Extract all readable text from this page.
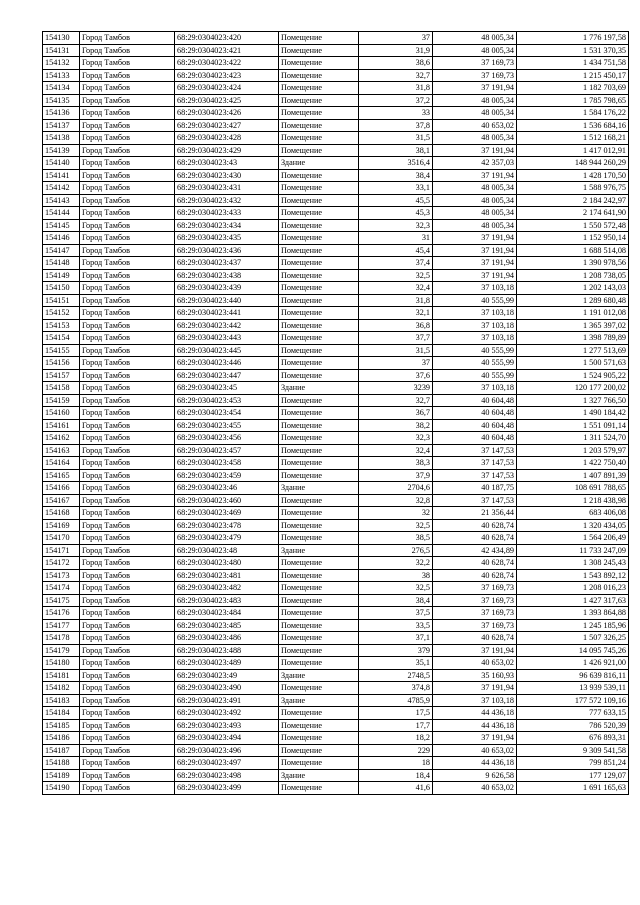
154130	Город Тамбов	68:29:0304023:420	Помещение	37	48 005,34	1 776 197,58
154131	Город Тамбов	68:29:0304023:421	Помещение	31,9	48 005,34	1 531 370,35
154132	Город Тамбов	68:29:0304023:422	Помещение	38,6	37 169,73	1 434 751,58
154133	Город Тамбов	68:29:0304023:423	Помещение	32,7	37 169,73	1 215 450,17
154134	Город Тамбов	68:29:0304023:424	Помещение	31,8	37 191,94	1 182 703,69
154135	Город Тамбов	68:29:0304023:425	Помещение	37,2	48 005,34	1 785 798,65
154136	Город Тамбов	68:29:0304023:426	Помещение	33	48 005,34	1 584 176,22
154137	Город Тамбов	68:29:0304023:427	Помещение	37,8	40 653,02	1 536 684,16
154138	Город Тамбов	68:29:0304023:428	Помещение	31,5	48 005,34	1 512 168,21
154139	Город Тамбов	68:29:0304023:429	Помещение	38,1	37 191,94	1 417 012,91
154140	Город Тамбов	68:29:0304023:43	Здание	3516,4	42 357,03	148 944 260,29
154141	Город Тамбов	68:29:0304023:430	Помещение	38,4	37 191,94	1 428 170,50
154142	Город Тамбов	68:29:0304023:431	Помещение	33,1	48 005,34	1 588 976,75
154143	Город Тамбов	68:29:0304023:432	Помещение	45,5	48 005,34	2 184 242,97
154144	Город Тамбов	68:29:0304023:433	Помещение	45,3	48 005,34	2 174 641,90
154145	Город Тамбов	68:29:0304023:434	Помещение	32,3	48 005,34	1 550 572,48
154146	Город Тамбов	68:29:0304023:435	Помещение	31	37 191,94	1 152 950,14
154147	Город Тамбов	68:29:0304023:436	Помещение	45,4	37 191,94	1 688 514,08
154148	Город Тамбов	68:29:0304023:437	Помещение	37,4	37 191,94	1 390 978,56
154149	Город Тамбов	68:29:0304023:438	Помещение	32,5	37 191,94	1 208 738,05
154150	Город Тамбов	68:29:0304023:439	Помещение	32,4	37 103,18	1 202 143,03
154151	Город Тамбов	68:29:0304023:440	Помещение	31,8	40 555,99	1 289 680,48
154152	Город Тамбов	68:29:0304023:441	Помещение	32,1	37 103,18	1 191 012,08
154153	Город Тамбов	68:29:0304023:442	Помещение	36,8	37 103,18	1 365 397,02
154154	Город Тамбов	68:29:0304023:443	Помещение	37,7	37 103,18	1 398 789,89
154155	Город Тамбов	68:29:0304023:445	Помещение	31,5	40 555,99	1 277 513,69
154156	Город Тамбов	68:29:0304023:446	Помещение	37	40 555,99	1 500 571,63
154157	Город Тамбов	68:29:0304023:447	Помещение	37,6	40 555,99	1 524 905,22
154158	Город Тамбов	68:29:0304023:45	Здание	3239	37 103,18	120 177 200,02
154159	Город Тамбов	68:29:0304023:453	Помещение	32,7	40 604,48	1 327 766,50
154160	Город Тамбов	68:29:0304023:454	Помещение	36,7	40 604,48	1 490 184,42
154161	Город Тамбов	68:29:0304023:455	Помещение	38,2	40 604,48	1 551 091,14
154162	Город Тамбов	68:29:0304023:456	Помещение	32,3	40 604,48	1 311 524,70
154163	Город Тамбов	68:29:0304023:457	Помещение	32,4	37 147,53	1 203 579,97
154164	Город Тамбов	68:29:0304023:458	Помещение	38,3	37 147,53	1 422 750,40
154165	Город Тамбов	68:29:0304023:459	Помещение	37,9	37 147,53	1 407 891,39
154166	Город Тамбов	68:29:0304023:46	Здание	2704,6	40 187,75	108 691 788,65
154167	Город Тамбов	68:29:0304023:460	Помещение	32,8	37 147,53	1 218 438,98
154168	Город Тамбов	68:29:0304023:469	Помещение	32	21 356,44	683 406,08
154169	Город Тамбов	68:29:0304023:478	Помещение	32,5	40 628,74	1 320 434,05
154170	Город Тамбов	68:29:0304023:479	Помещение	38,5	40 628,74	1 564 206,49
154171	Город Тамбов	68:29:0304023:48	Здание	276,5	42 434,89	11 733 247,09
154172	Город Тамбов	68:29:0304023:480	Помещение	32,2	40 628,74	1 308 245,43
154173	Город Тамбов	68:29:0304023:481	Помещение	38	40 628,74	1 543 892,12
154174	Город Тамбов	68:29:0304023:482	Помещение	32,5	37 169,73	1 208 016,23
154175	Город Тамбов	68:29:0304023:483	Помещение	38,4	37 169,73	1 427 317,63
154176	Город Тамбов	68:29:0304023:484	Помещение	37,5	37 169,73	1 393 864,88
154177	Город Тамбов	68:29:0304023:485	Помещение	33,5	37 169,73	1 245 185,96
154178	Город Тамбов	68:29:0304023:486	Помещение	37,1	40 628,74	1 507 326,25
154179	Город Тамбов	68:29:0304023:488	Помещение	379	37 191,94	14 095 745,26
154180	Город Тамбов	68:29:0304023:489	Помещение	35,1	40 653,02	1 426 921,00
154181	Город Тамбов	68:29:0304023:49	Здание	2748,5	35 160,93	96 639 816,11
154182	Город Тамбов	68:29:0304023:490	Помещение	374,8	37 191,94	13 939 539,11
154183	Город Тамбов	68:29:0304023:491	Здание	4785,9	37 103,18	177 572 109,16
154184	Город Тамбов	68:29:0304023:492	Помещение	17,5	44 436,18	777 633,15
154185	Город Тамбов	68:29:0304023:493	Помещение	17,7	44 436,18	786 520,39
154186	Город Тамбов	68:29:0304023:494	Помещение	18,2	37 191,94	676 893,31
154187	Город Тамбов	68:29:0304023:496	Помещение	229	40 653,02	9 309 541,58
154188	Город Тамбов	68:29:0304023:497	Помещение	18	44 436,18	799 851,24
154189	Город Тамбов	68:29:0304023:498	Здание	18,4	9 626,58	177 129,07
154190	Город Тамбов	68:29:0304023:499	Помещение	41,6	40 653,02	1 691 165,63
